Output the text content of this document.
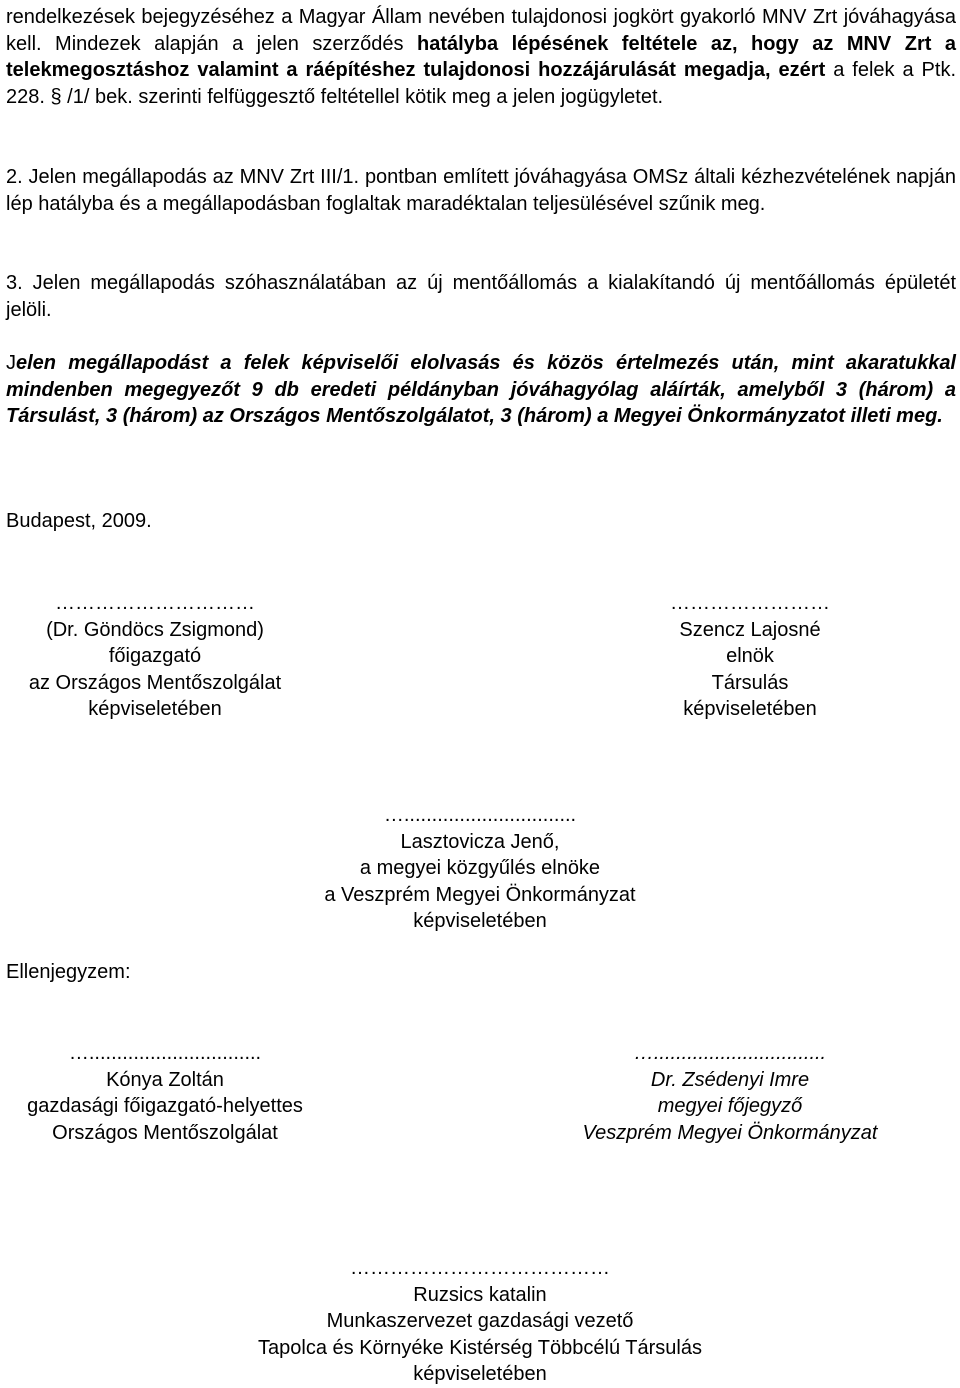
rendelkezések bejegyzéséhez a Magyar Állam nevében tulajdonosi jogkört gyakorló MNV Zrt jóváhagyása kell. Mindezek alapján a jelen szerződés hatályba lépésének feltétele az, hogy az MNV Zrt a telekmegosztáshoz valamint a ráépítéshez tulajdonosi hozzájárulását megadja, ezért a felek a Ptk. 228. § /1/ bek. szerinti felfüggesztő feltétellel kötik meg a jelen jogügyletet.
2. Jelen megállapodás az MNV Zrt III/1. pontban említett jóváhagyása OMSz általi kézhezvételének napján lép hatályba és a megállapodásban foglaltak maradéktalan teljesülésével szűnik meg.
3. Jelen megállapodás szóhasználatában az új mentőállomás a kialakítandó új mentőállomás épületét jelöli.
Jelen megállapodást a felek képviselői elolvasás és közös értelmezés után, mint akaratukkal mindenben megegyezőt 9 db eredeti példányban jóváhagyólag aláírták, amelyből 3 (három) a Társulást, 3 (három) az Országos Mentőszolgálatot, 3 (három) a Megyei Önkormányzatot illeti meg.
Budapest, 2009.
…………………………
(Dr. Göndöcs Zsigmond)
főigazgató
az Országos Mentőszolgálat
képviseletében
……………………
Szencz Lajosné
elnök
Társulás
képviseletében
…...............................
Lasztovicza Jenő,
a megyei közgyűlés elnöke
a Veszprém Megyei Önkormányzat
képviseletében
Ellenjegyzem:
…...............................
Kónya Zoltán
gazdasági főigazgató-helyettes
Országos Mentőszolgálat
…...............................
Dr. Zsédenyi Imre
megyei főjegyző
Veszprém Megyei Önkormányzat
…………………………………
Ruzsics katalin
Munkaszervezet gazdasági vezető
Tapolca és Környéke Kistérség Többcélú Társulás
képviseletében
